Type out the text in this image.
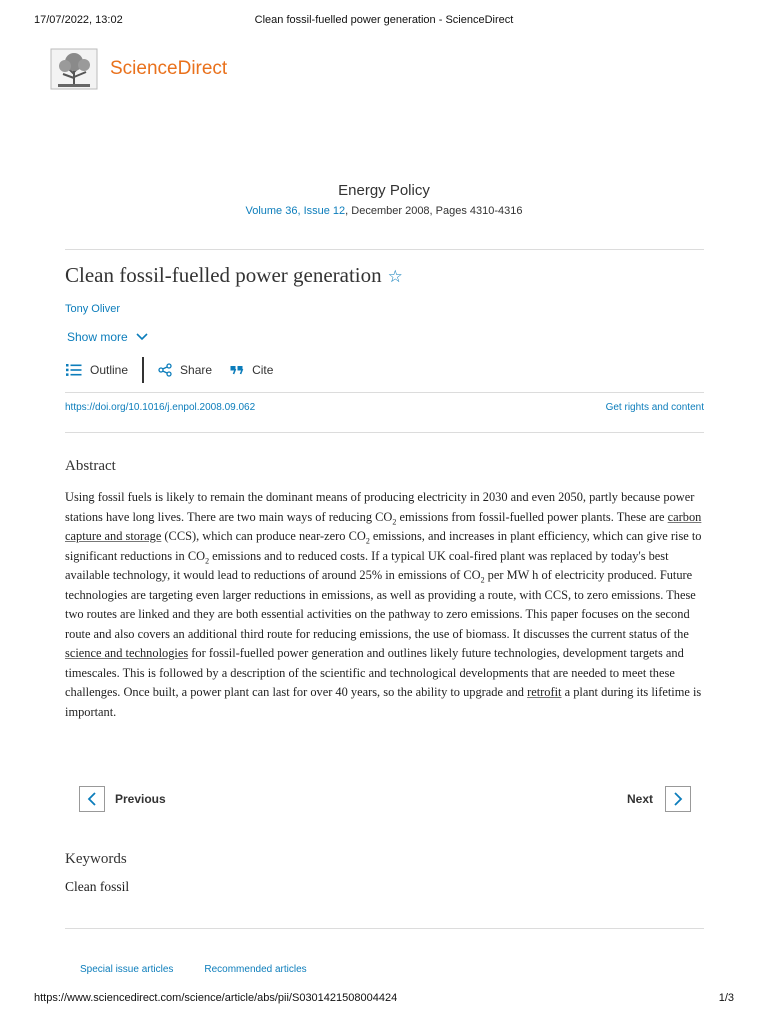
17/07/2022, 13:02	Clean fossil-fuelled power generation - ScienceDirect
ScienceDirect
Energy Policy
Volume 36, Issue 12, December 2008, Pages 4310-4316
Clean fossil-fuelled power generation ☆
Tony Oliver
Show more
Outline	Share	Cite
https://doi.org/10.1016/j.enpol.2008.09.062	Get rights and content
Abstract
Using fossil fuels is likely to remain the dominant means of producing electricity in 2030 and even 2050, partly because power stations have long lives. There are two main ways of reducing $CO_2$ emissions from fossil-fuelled power plants. These are carbon capture and storage (CCS), which can produce near-zero $CO_2$ emissions, and increases in plant efficiency, which can give rise to significant reductions in $CO_2$ emissions and to reduced costs. If a typical UK coal-fired plant was replaced by today's best available technology, it would lead to reductions of around 25% in emissions of $CO_2$ per MW h of electricity produced. Future technologies are targeting even larger reductions in emissions, as well as providing a route, with CCS, to zero emissions. These two routes are linked and they are both essential activities on the pathway to zero emissions. This paper focuses on the second route and also covers an additional third route for reducing emissions, the use of biomass. It discusses the current status of the science and technologies for fossil-fuelled power generation and outlines likely future technologies, development targets and timescales. This is followed by a description of the scientific and technological developments that are needed to meet these challenges. Once built, a power plant can last for over 40 years, so the ability to upgrade and retrofit a plant during its lifetime is important.
Previous	Next
Keywords
Clean fossil
Special issue articles	Recommended articles
https://www.sciencedirect.com/science/article/abs/pii/S0301421508004424	1/3
